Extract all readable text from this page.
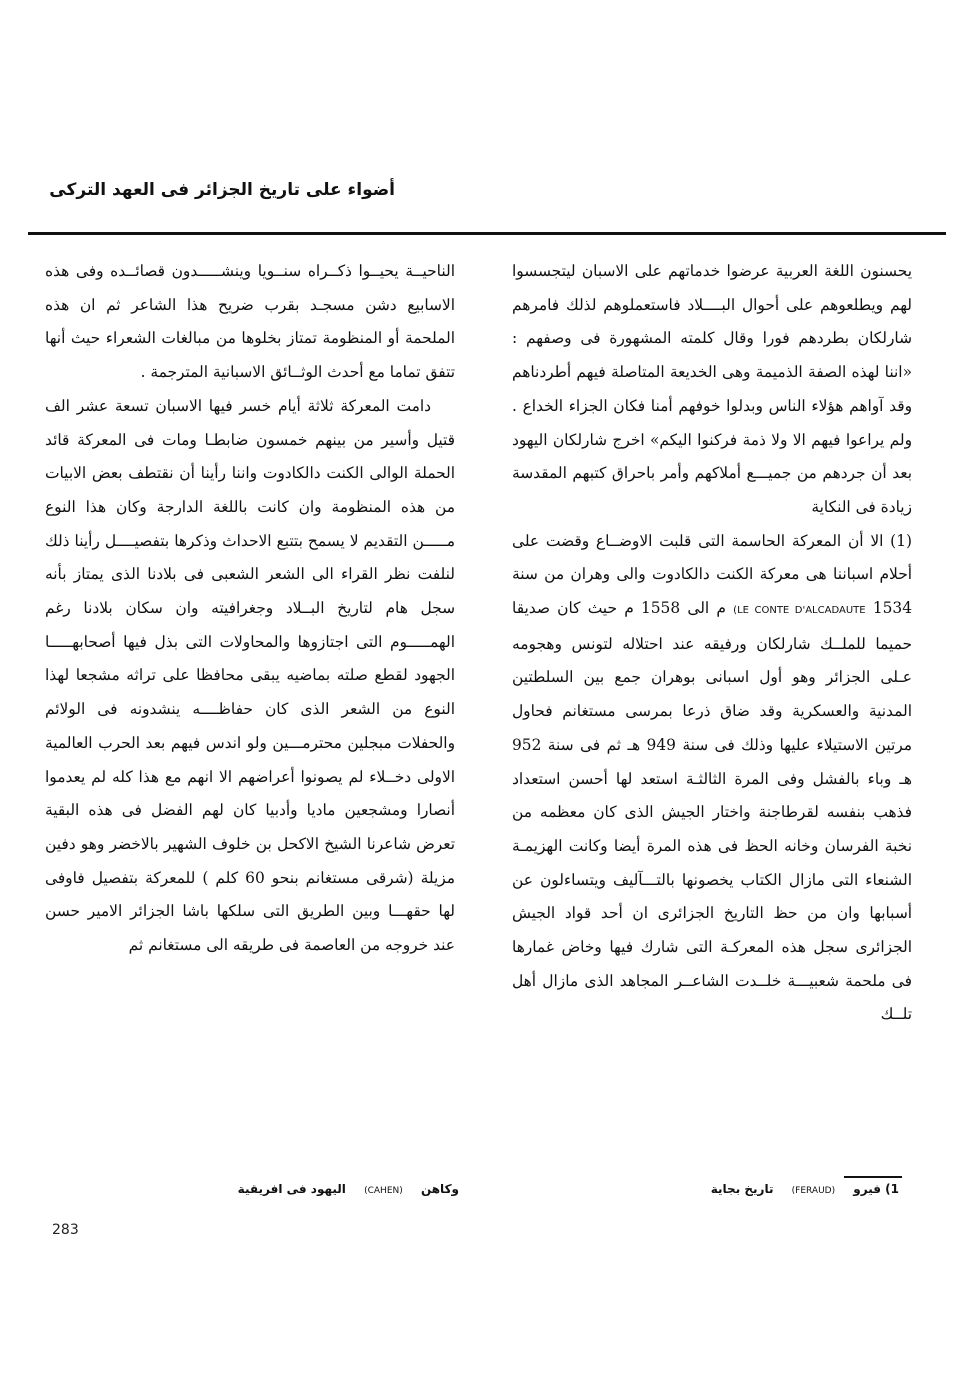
أضواء على تاريخ الجزائر فى العهد التركى

يحسنون اللغة العربية عرضوا خدماتهم على الاسبان ليتجسسوا لهم ويطلعوهم على أحوال البــــلاد فاستعملوهم لذلك فامرهم شارلكان بطردهم فورا وقال كلمته المشهورة فى وصفهم : «اننا لهذه الصفة الذميمة وهى الخديعة المتاصلة فيهم أطردناهم وقد آواهم هؤلاء الناس وبدلوا خوفهم أمنا فكان الجزاء الخداع . ولم يراعوا فيهم الا ولا ذمة فركنوا اليكم» اخرج شارلكان اليهود بعد أن جردهم من جميـــع أملاكهم وأمر باحراق كتبهم المقدسة زيادة فى النكاية

(1) الا أن المعركة الحاسمة التى قلبت الاوضــاع وقضت على أحلام اسباننا هى معركة الكنت دالكادوت والى وهران من سنة (LE CONTE D'ALCADAUTE 1534 م الى 1558 م حيث كان صديقا حميما للملــك شارلكان ورفيقه عند احتلاله لتونس وهجومه عـلى الجزائر وهو أول اسبانى بوهران جمع بين السلطتين المدنية والعسكرية وقد ضاق ذرعا بمرسى مستغانم فحاول مرتين الاستيلاء عليها وذلك فى سنة 949 هـ ثم فى سنة 952 هـ وباء بالفشل وفى المرة الثالثـة استعد لها أحسن استعداد فذهب بنفسه لقرطاجنة واختار الجيش الذى كان معظمه من نخبة الفرسان وخانه الحظ فى هذه المرة أيضا وكانت الهزيمـة الشنعاء التى مازال الكتاب يخصونها بالتـــآليف ويتساءلون عن أسبابها وان من حظ التاريخ الجزائرى ان أحد قواد الجيش الجزائرى سجل هذه المعركـة التى شارك فيها وخاض غمارها فى ملحمة شعبيـــة خلــدت الشاعــر المجاهد الذى مازال أهل تلــك

الناحيــة يحيــوا ذكــراه سنــويا وينشـــــدون قصائــده وفى هذه الاسابيع دشن مسجـد بقرب ضريح هذا الشاعر ثم ان هذه الملحمة أو المنظومة تمتاز بخلوها من مبالغات الشعراء حيث أنها تتفق تماما مع أحدث الوثــائق الاسبانية المترجمة .

دامت المعركة ثلاثة أيام خسر فيها الاسبان تسعة عشر الف قتيل وأسير من بينهم خمسون ضابطـا ومات فى المعركة قائد الحملة الوالى الكنت دالكادوت واننا رأينا أن نقتطف بعض الابيات من هذه المنظومة وان كانت باللغة الدارجة وكان هذا النوع مـــــن التقديم لا يسمح بتتبع الاحداث وذكرها بتفصيــــل رأينا ذلك لنلفت نظر القراء الى الشعر الشعبى فى بلادنا الذى يمتاز بأنه سجل هام لتاريخ البــلاد وجغرافيته وان سكان بلادنا رغم الهمـــــوم التى اجتازوها والمحاولات التى بذل فيها أصحابهـــــا الجهود لقطع صلته بماضيه يبقى محافظا على تراثه مشجعا لهذا النوع من الشعر الذى كان حفاظــــه ينشدونه فى الولائم والحفلات مبجلين محترمـــين ولو اندس فيهم بعد الحرب العالمية الاولى دخــلاء لم يصونوا أعراضهم الا انهم مع هذا كله لم يعدموا أنصارا ومشجعين ماديا وأدبيا كان لهم الفضل فى هذه البقية تعرض شاعرنا الشيخ الاكحل بن خلوف الشهير بالاخضر وهو دفين مزيلة (شرقى مستغانم بنحو 60 كلم ) للمعركة بتفصيل فاوفى لها حقهـــا وبين الطريق التى سلكها باشا الجزائر الامير حسن عند خروجه من العاصمة فى طريقه الى مستغانم ثم

1) فيرو (FERAUD) تاريخ بجاية
وكاهن (CAHEN) اليهود فى افريقية
283
